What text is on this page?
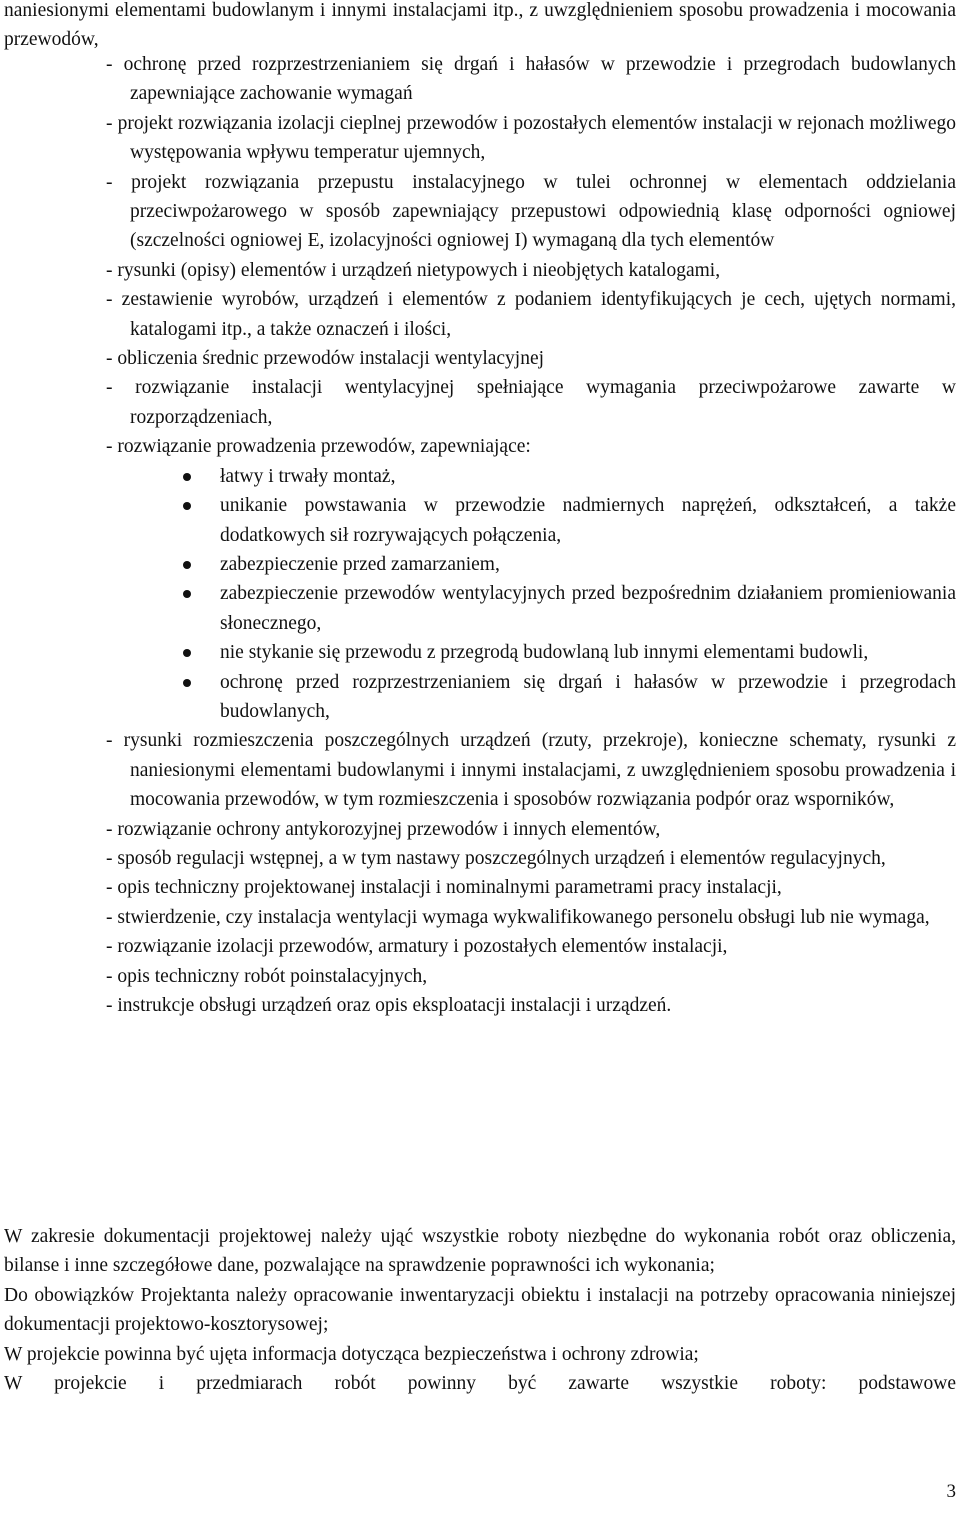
naniesionymi elementami budowlanym i innymi instalacjami itp., z uwzględnieniem sposobu prowadzenia i mocowania przewodów,

- ochronę przed rozprzestrzenianiem się drgań i hałasów w przewodzie i przegrodach budowlanych zapewniające zachowanie wymagań

- projekt rozwiązania izolacji cieplnej przewodów i pozostałych elementów instalacji w rejonach możliwego występowania wpływu temperatur ujemnych,

- projekt rozwiązania przepustu instalacyjnego w tulei ochronnej w elementach oddzielania przeciwpożarowego w sposób zapewniający przepustowi odpowiednią klasę odporności ogniowej (szczelności ogniowej E, izolacyjności ogniowej I) wymaganą dla tych elementów

- rysunki (opisy) elementów i urządzeń nietypowych i nieobjętych katalogami,

- zestawienie wyrobów, urządzeń i elementów z podaniem identyfikujących je cech, ujętych normami, katalogami itp., a także oznaczeń i ilości,

- obliczenia średnic przewodów instalacji wentylacyjnej

- rozwiązanie instalacji wentylacyjnej spełniające wymagania przeciwpożarowe zawarte w rozporządzeniach,

- rozwiązanie prowadzenia przewodów, zapewniające:

łatwy i trwały montaż,
unikanie powstawania w przewodzie nadmiernych naprężeń, odkształceń, a także dodatkowych sił rozrywających połączenia,
zabezpieczenie przed zamarzaniem,
zabezpieczenie przewodów wentylacyjnych przed bezpośrednim działaniem promieniowania słonecznego,
nie stykanie się przewodu z przegrodą budowlaną lub innymi elementami budowli,
ochronę przed rozprzestrzenianiem się drgań i hałasów w przewodzie i przegrodach budowlanych,

- rysunki rozmieszczenia poszczególnych urządzeń (rzuty, przekroje), konieczne schematy, rysunki z naniesionymi elementami budowlanymi i innymi instalacjami, z uwzględnieniem sposobu prowadzenia i mocowania przewodów, w tym rozmieszczenia i sposobów rozwiązania podpór oraz wsporników,

- rozwiązanie ochrony antykorozyjnej przewodów i innych elementów,

- sposób regulacji wstępnej, a w tym nastawy poszczególnych urządzeń i elementów regulacyjnych,

- opis techniczny projektowanej instalacji i nominalnymi parametrami pracy instalacji,

- stwierdzenie, czy instalacja wentylacji wymaga wykwalifikowanego personelu obsługi lub nie wymaga,

- rozwiązanie izolacji przewodów, armatury i pozostałych elementów instalacji,

- opis techniczny robót poinstalacyjnych,

- instrukcje obsługi urządzeń oraz opis eksploatacji instalacji i urządzeń.

W zakresie dokumentacji projektowej należy ująć wszystkie roboty niezbędne do wykonania robót oraz obliczenia, bilanse i inne szczegółowe dane, pozwalające na sprawdzenie poprawności ich wykonania;

Do obowiązków Projektanta należy opracowanie inwentaryzacji obiektu i instalacji na potrzeby opracowania niniejszej dokumentacji projektowo-kosztorysowej;

W projekcie powinna być ujęta informacja dotycząca bezpieczeństwa i ochrony zdrowia;

W projekcie i przedmiarach robót powinny być zawarte wszystkie roboty: podstawowe

3
